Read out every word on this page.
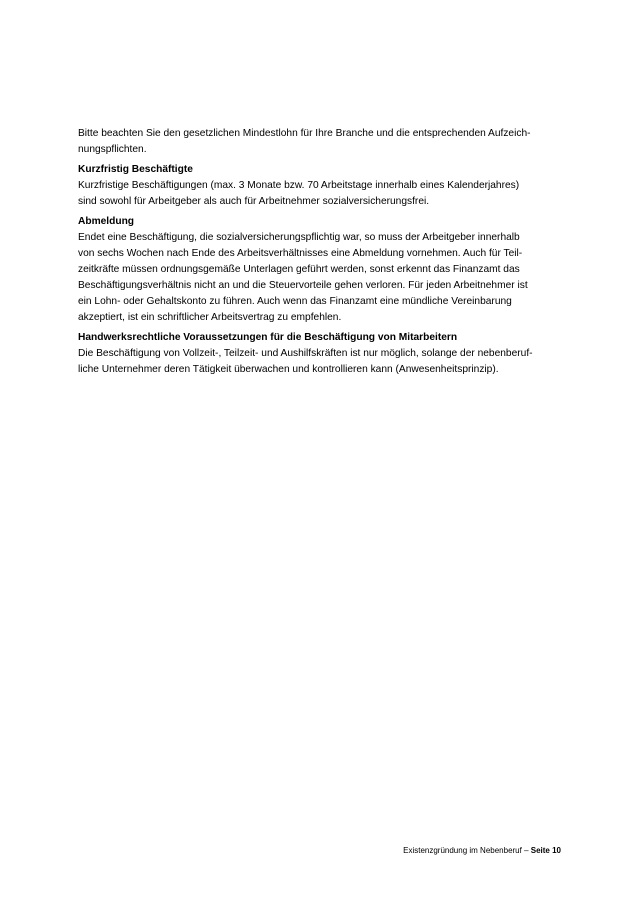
Bitte beachten Sie den gesetzlichen Mindestlohn für Ihre Branche und die entsprechenden Aufzeich-
nungspflichten.
Kurzfristig Beschäftigte
Kurzfristige Beschäftigungen (max. 3 Monate bzw. 70 Arbeitstage innerhalb eines Kalenderjahres)
sind sowohl für Arbeitgeber als auch für Arbeitnehmer sozialversicherungsfrei.
Abmeldung
Endet eine Beschäftigung, die sozialversicherungspflichtig war, so muss der Arbeitgeber innerhalb
von sechs Wochen nach Ende des Arbeitsverhältnisses eine Abmeldung vornehmen. Auch für Teil-
zeitkräfte müssen ordnungsgemäße Unterlagen geführt werden, sonst erkennt das Finanzamt das
Beschäftigungsverhältnis nicht an und die Steuervorteile gehen verloren. Für jeden Arbeitnehmer ist
ein Lohn- oder Gehaltskonto zu führen. Auch wenn das Finanzamt eine mündliche Vereinbarung
akzeptiert, ist ein schriftlicher Arbeitsvertrag zu empfehlen.
Handwerksrechtliche Voraussetzungen für die Beschäftigung von Mitarbeitern
Die Beschäftigung von Vollzeit-, Teilzeit- und Aushilfskräften ist nur möglich, solange der nebenberuf-
liche Unternehmer deren Tätigkeit überwachen und kontrollieren kann (Anwesenheitsprinzip).
Existenzgründung im Nebenberuf – Seite 10
